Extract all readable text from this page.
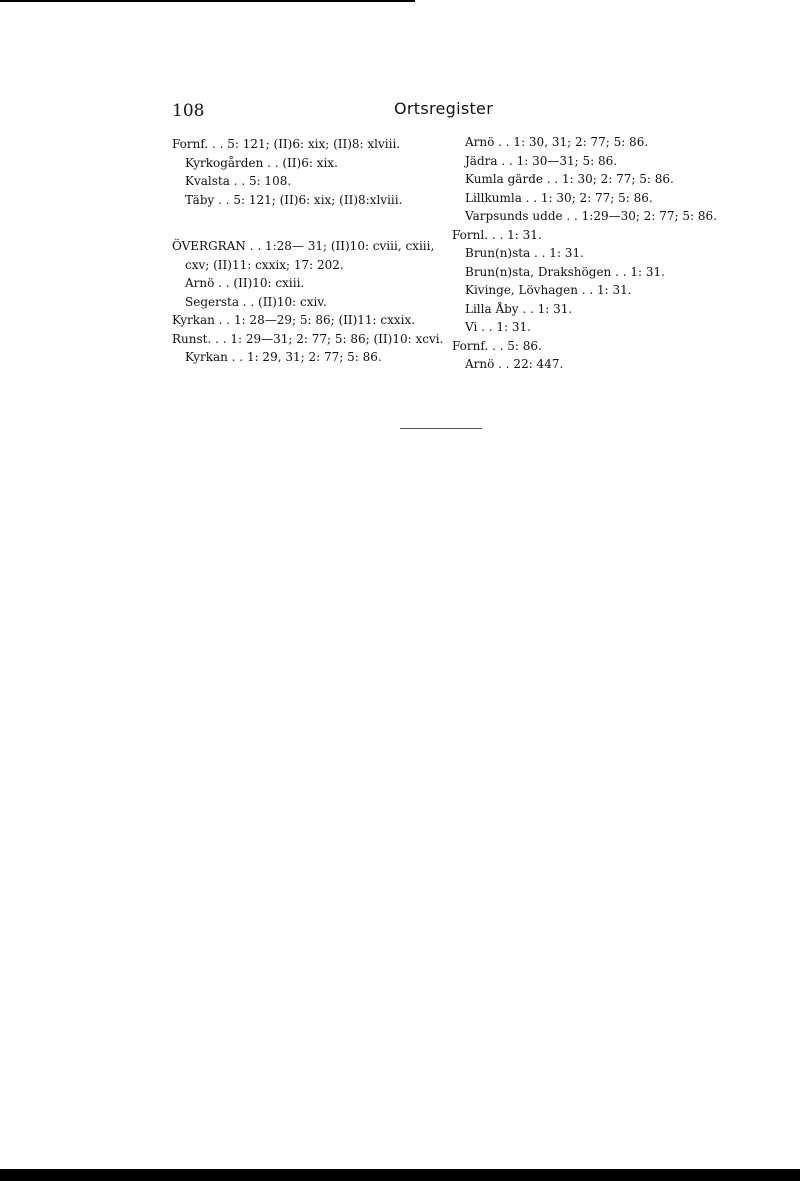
108	Ortsregister
Fornf. . . 5: 121; (II)6: xix; (II)8: xlviii.
Kyrkogården . . (II)6: xix.
Kvalsta . . 5: 108.
Täby . . 5: 121; (II)6: xix; (II)8:xlviii.
ÖVERGRAN . . 1:28— 31; (II)10: cviii, cxiii, cxv; (II)11: cxxix; 17: 202.
Arnö . . (II)10: cxiii.
Segersta . . (II)10: cxiv.
Kyrkan . . 1: 28—29; 5: 86; (II)11: cxxix.
Runst. . . 1: 29—31; 2: 77; 5: 86; (II)10: xcvi.
Kyrkan . . 1: 29, 31; 2: 77; 5: 86.
Arnö . . 1: 30, 31; 2: 77; 5: 86.
Jädra . . 1: 30—31; 5: 86.
Kumla gärde . . 1: 30; 2: 77; 5: 86.
Lillkumla . . 1: 30; 2: 77; 5: 86.
Varpsunds udde . . 1:29—30; 2: 77; 5: 86.
Fornl. . . 1: 31.
Brun(n)sta . . 1: 31.
Brun(n)sta, Drakshögen . . 1: 31.
Kivinge, Lövhagen . . 1: 31.
Lilla Åby . . 1: 31.
Vi . . 1: 31.
Fornf. . . 5: 86.
Arnö . . 22: 447.
